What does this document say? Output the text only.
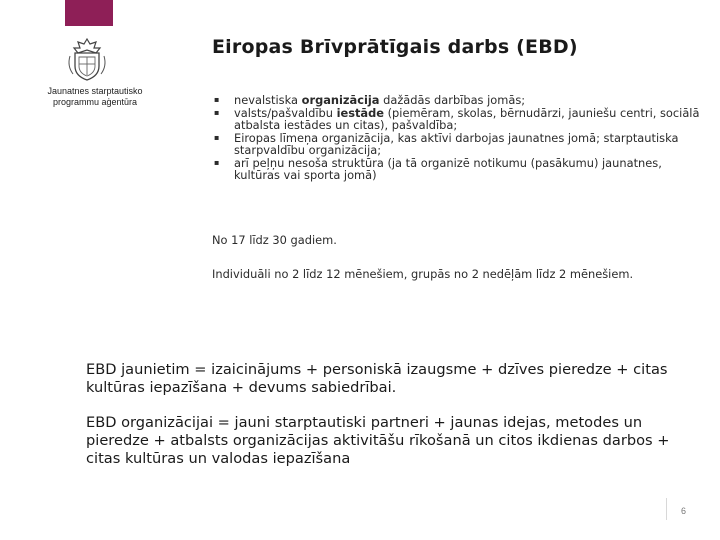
Jaunatnes starptautisko
programmu aģentūra
Eiropas Brīvprātīgais darbs (EBD)
▪ nevalstiska organizācija dažādās darbības jomās;
▪ valsts/pašvaldību iestāde (piemēram, skolas, bērnudārzi, jauniešu centri, sociālā atbalsta iestādes un citas), pašvaldība;
▪ Eiropas līmeņa organizācija, kas aktīvi darbojas jaunatnes jomā; starptautiska starpvaldību organizācija;
▪ arī peļņu nesoša struktūra (ja tā organizē notikumu (pasākumu) jaunatnes, kultūras vai sporta jomā)

No 17 līdz 30 gadiem.

Individuāli no 2 līdz 12 mēnešiem, grupās no 2 nedēļām līdz 2 mēnešiem.

EBD jaunietim = izaicinājums + personiskā izaugsme + dzīves pieredze + citas kultūras iepazīšana + devums sabiedrībai.

EBD organizācijai = jauni starptautiski partneri + jaunas idejas, metodes un pieredze + atbalsts organizācijas aktivitāšu rīkošanā un citos ikdienas darbos + citas kultūras un valodas iepazīšana

6
